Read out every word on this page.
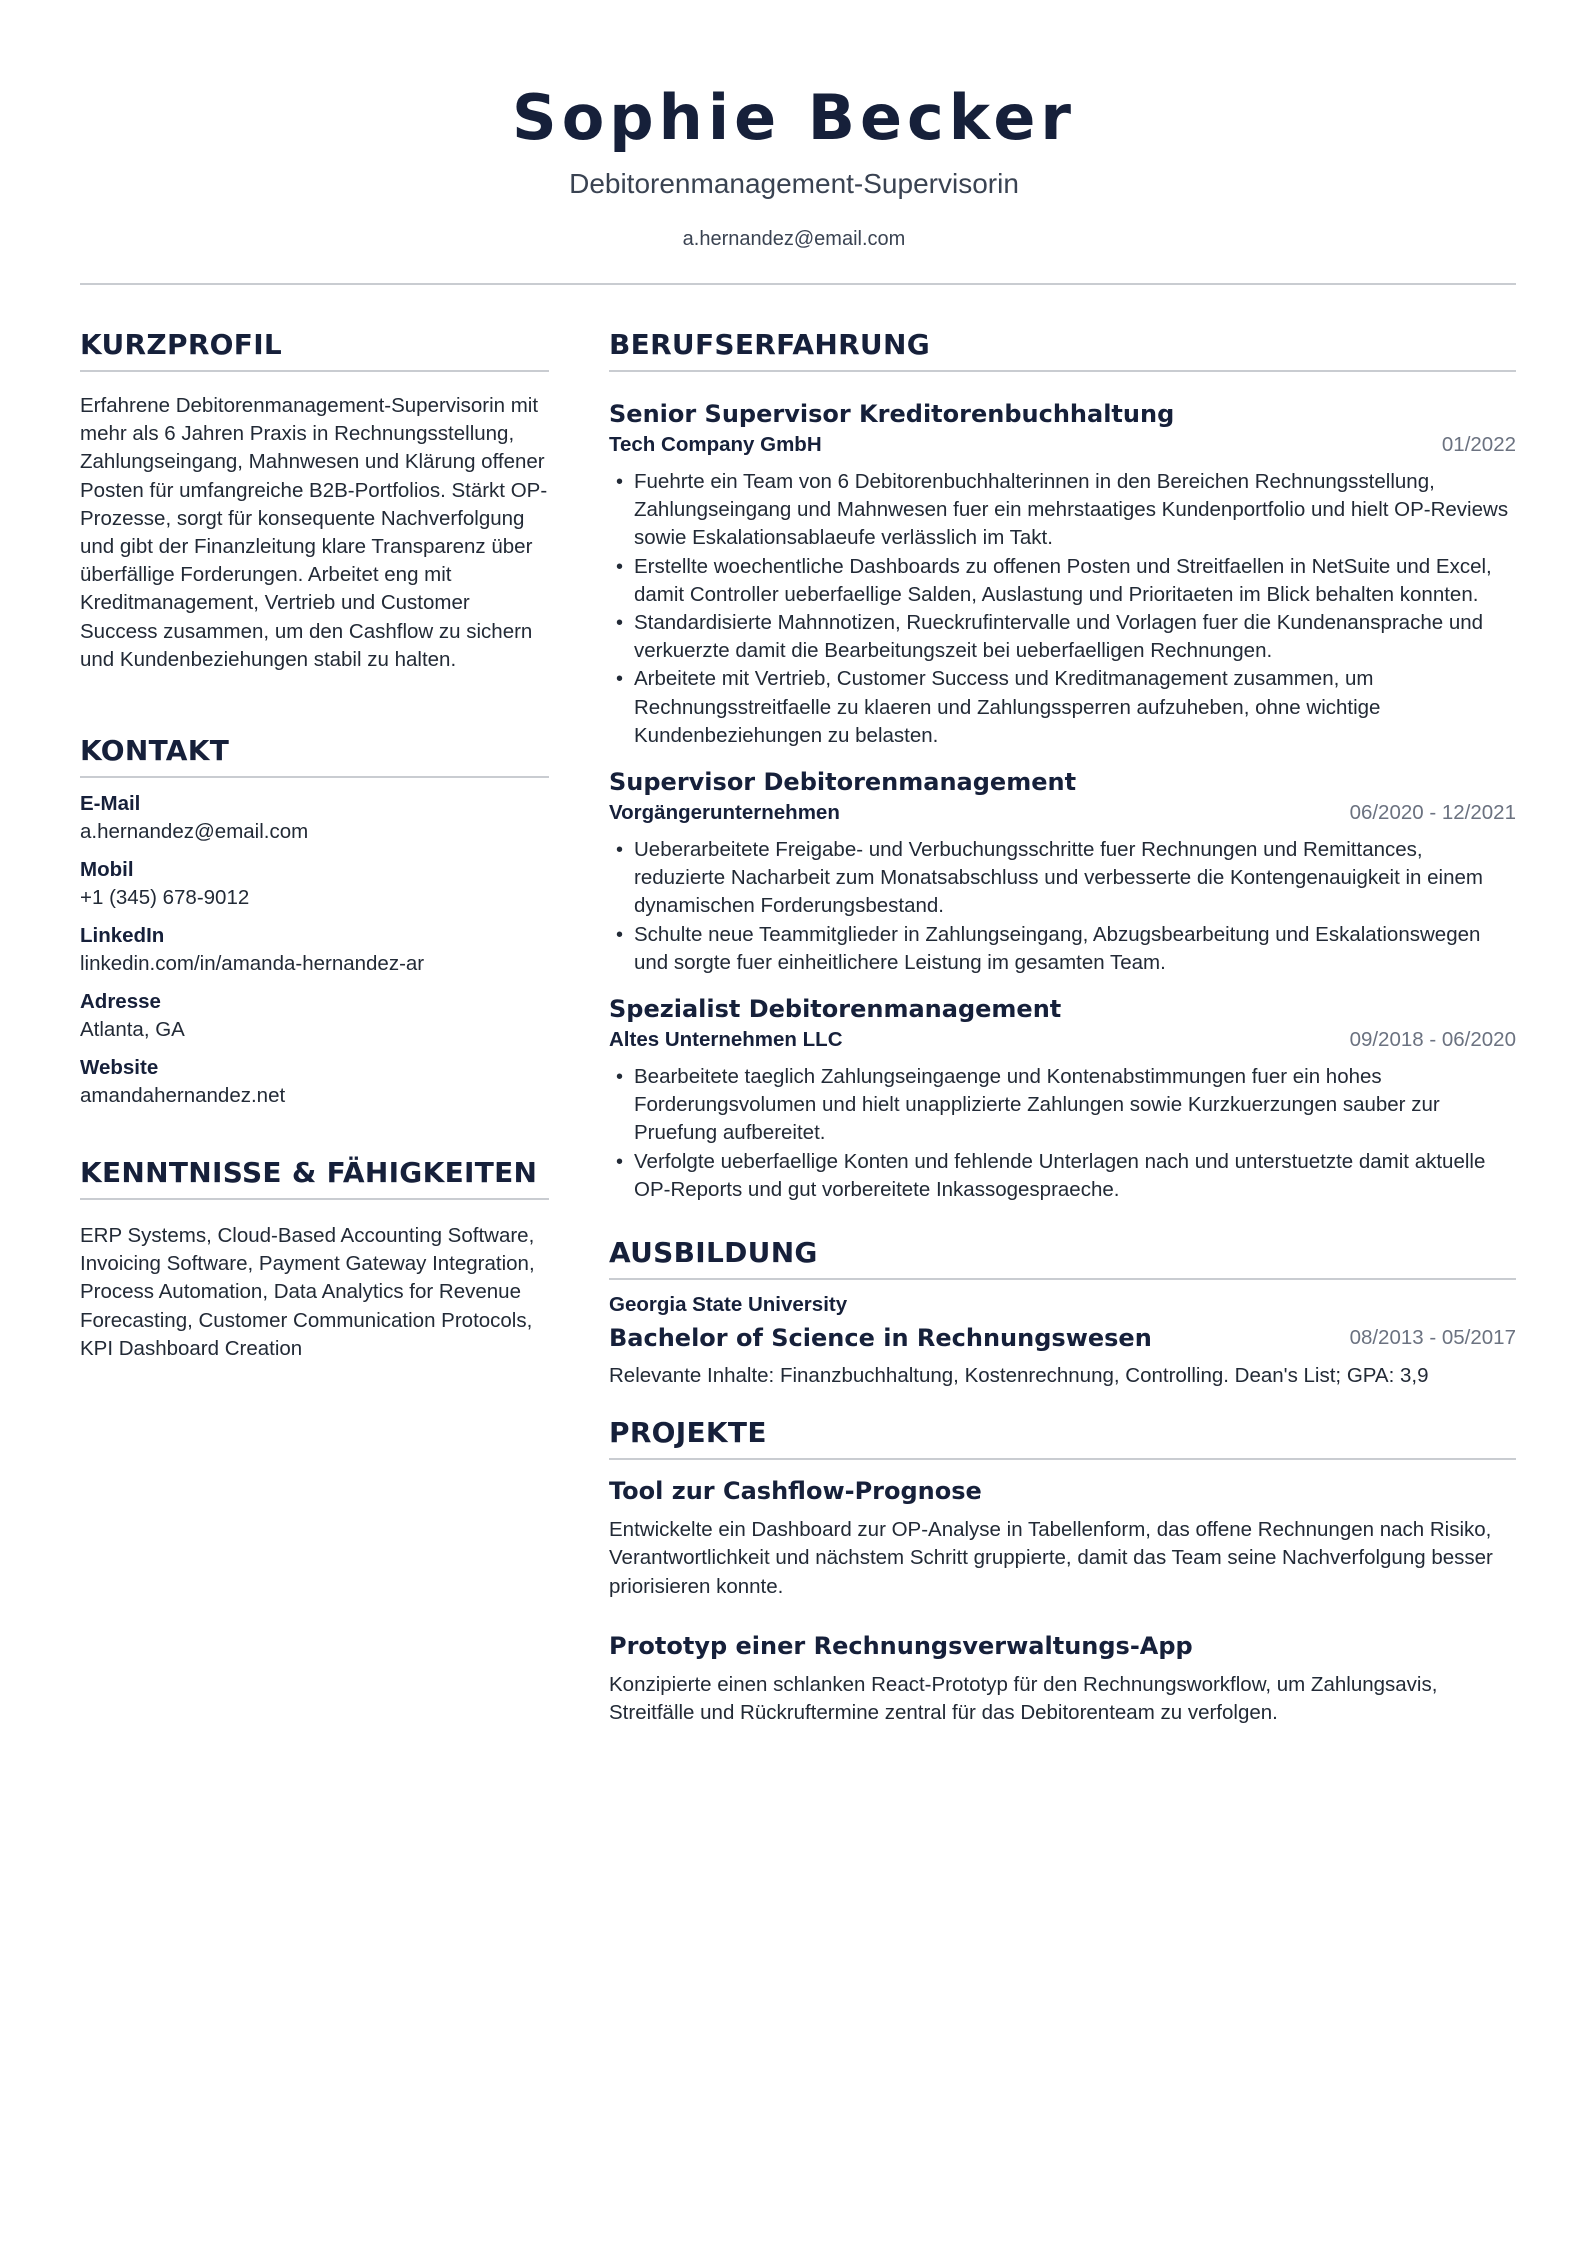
Sophie Becker
Debitorenmanagement-Supervisorin
a.hernandez@email.com
KURZPROFIL
Erfahrene Debitorenmanagement-Supervisorin mit mehr als 6 Jahren Praxis in Rechnungsstellung, Zahlungseingang, Mahnwesen und Klärung offener Posten für umfangreiche B2B-Portfolios. Stärkt OP-Prozesse, sorgt für konsequente Nachverfolgung und gibt der Finanzleitung klare Transparenz über überfällige Forderungen. Arbeitet eng mit Kreditmanagement, Vertrieb und Customer Success zusammen, um den Cashflow zu sichern und Kundenbeziehungen stabil zu halten.
KONTAKT
E-Mail
a.hernandez@email.com
Mobil
+1 (345) 678-9012
LinkedIn
linkedin.com/in/amanda-hernandez-ar
Adresse
Atlanta, GA
Website
amandahernandez.net
KENNTNISSE & FÄHIGKEITEN
ERP Systems, Cloud-Based Accounting Software, Invoicing Software, Payment Gateway Integration, Process Automation, Data Analytics for Revenue Forecasting, Customer Communication Protocols, KPI Dashboard Creation
BERUFSERFAHRUNG
Senior Supervisor Kreditorenbuchhaltung
Tech Company GmbH	01/2022
• Fuehrte ein Team von 6 Debitorenbuchhalterinnen in den Bereichen Rechnungsstellung, Zahlungseingang und Mahnwesen fuer ein mehrstaatiges Kundenportfolio und hielt OP-Reviews sowie Eskalationsablaeufe verlässlich im Takt.
• Erstellte woechentliche Dashboards zu offenen Posten und Streitfaellen in NetSuite und Excel, damit Controller ueberfaellige Salden, Auslastung und Prioritaeten im Blick behalten konnten.
• Standardisierte Mahnnotizen, Rueckrufintervalle und Vorlagen fuer die Kundenansprache und verkuerzte damit die Bearbeitungszeit bei ueberfaelligen Rechnungen.
• Arbeitete mit Vertrieb, Customer Success und Kreditmanagement zusammen, um Rechnungsstreitfaelle zu klaeren und Zahlungssperren aufzuheben, ohne wichtige Kundenbeziehungen zu belasten.
Supervisor Debitorenmanagement
Vorgängerunternehmen	06/2020 - 12/2021
• Ueberarbeitete Freigabe- und Verbuchungsschritte fuer Rechnungen und Remittances, reduzierte Nacharbeit zum Monatsabschluss und verbesserte die Kontengenauigkeit in einem dynamischen Forderungsbestand.
• Schulte neue Teammitglieder in Zahlungseingang, Abzugsbearbeitung und Eskalationswegen und sorgte fuer einheitlichere Leistung im gesamten Team.
Spezialist Debitorenmanagement
Altes Unternehmen LLC	09/2018 - 06/2020
• Bearbeitete taeglich Zahlungseingaenge und Kontenabstimmungen fuer ein hohes Forderungsvolumen und hielt unapplizierte Zahlungen sowie Kurzkuerzungen sauber zur Pruefung aufbereitet.
• Verfolgte ueberfaellige Konten und fehlende Unterlagen nach und unterstuetzte damit aktuelle OP-Reports und gut vorbereitete Inkassogespraeche.
AUSBILDUNG
Georgia State University
Bachelor of Science in Rechnungswesen	08/2013 - 05/2017
Relevante Inhalte: Finanzbuchhaltung, Kostenrechnung, Controlling. Dean's List; GPA: 3,9
PROJEKTE
Tool zur Cashflow-Prognose
Entwickelte ein Dashboard zur OP-Analyse in Tabellenform, das offene Rechnungen nach Risiko, Verantwortlichkeit und nächstem Schritt gruppierte, damit das Team seine Nachverfolgung besser priorisieren konnte.
Prototyp einer Rechnungsverwaltungs-App
Konzipierte einen schlanken React-Prototyp für den Rechnungsworkflow, um Zahlungsavis, Streitfälle und Rückruftermine zentral für das Debitorenteam zu verfolgen.
